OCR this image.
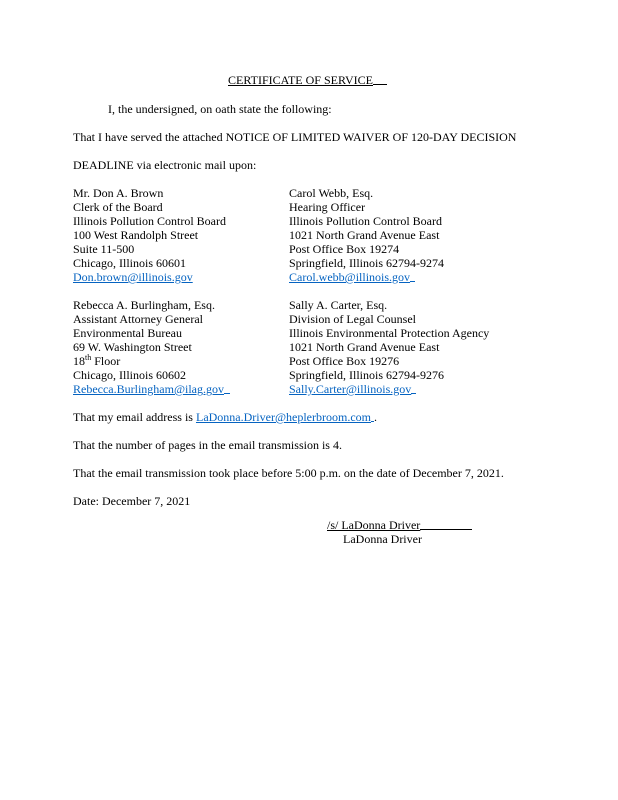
CERTIFICATE OF SERVICE
I, the undersigned, on oath state the following:
That I have served the attached NOTICE OF LIMITED WAIVER OF 120-DAY DECISION
DEADLINE via electronic mail upon:
Mr. Don A. Brown
Clerk of the Board
Illinois Pollution Control Board
100 West Randolph Street
Suite 11-500
Chicago, Illinois 60601
Don.brown@illinois.gov
Carol Webb, Esq.
Hearing Officer
Illinois Pollution Control Board
1021 North Grand Avenue East
Post Office Box 19274
Springfield, Illinois 62794-9274
Carol.webb@illinois.gov
Rebecca A. Burlingham, Esq.
Assistant Attorney General
Environmental Bureau
69 W. Washington Street
18th Floor
Chicago, Illinois 60602
Rebecca.Burlingham@ilag.gov
Sally A. Carter, Esq.
Division of Legal Counsel
Illinois Environmental Protection Agency
1021 North Grand Avenue East
Post Office Box 19276
Springfield, Illinois 62794-9276
Sally.Carter@illinois.gov
That my email address is LaDonna.Driver@heplerbroom.com .
That the number of pages in the email transmission is 4.
That the email transmission took place before 5:00 p.m. on the date of December 7, 2021.
Date: December 7, 2021
/s/ LaDonna Driver
LaDonna Driver
